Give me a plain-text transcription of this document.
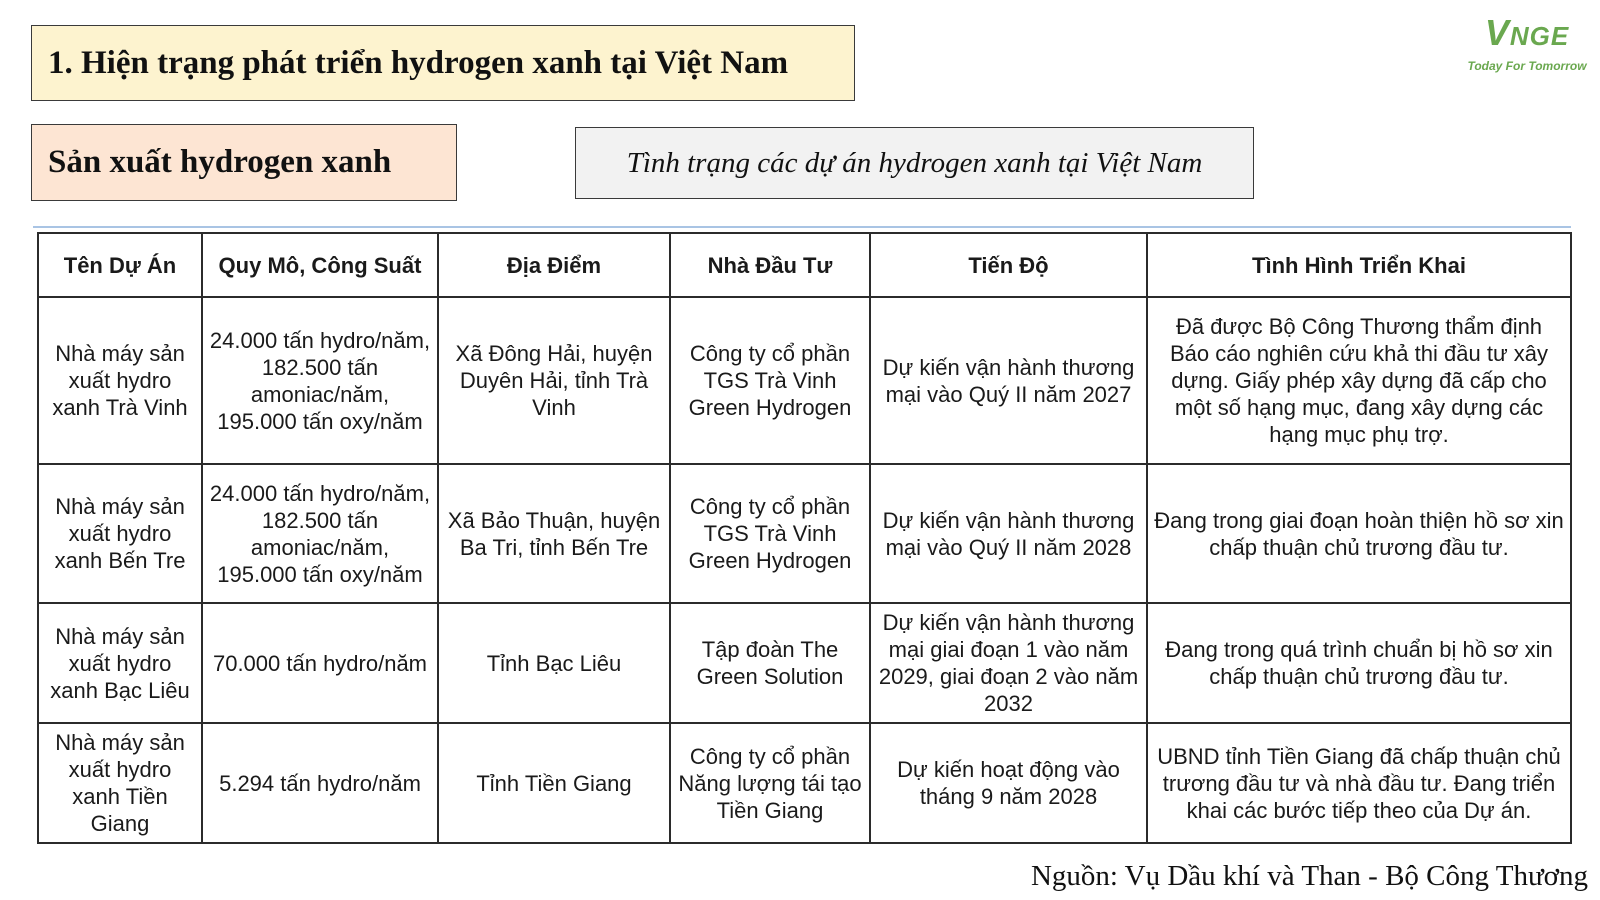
1. Hiện trạng phát triển hydrogen xanh tại Việt Nam
Sản xuất hydrogen xanh	Tình trạng các dự án hydrogen xanh tại Việt Nam
VNGE
Today For Tomorrow
Tên Dự Án	Quy Mô, Công Suất	Địa Điểm	Nhà Đầu Tư	Tiến Độ	Tình Hình Triển Khai
Nhà máy sản xuất hydro xanh Trà Vinh	24.000 tấn hydro/năm, 182.500 tấn amoniac/năm, 195.000 tấn oxy/năm	Xã Đông Hải, huyện Duyên Hải, tỉnh Trà Vinh	Công ty cổ phần TGS Trà Vinh Green Hydrogen	Dự kiến vận hành thương mại vào Quý II năm 2027	Đã được Bộ Công Thương thẩm định Báo cáo nghiên cứu khả thi đầu tư xây dựng. Giấy phép xây dựng đã cấp cho một số hạng mục, đang xây dựng các hạng mục phụ trợ.
Nhà máy sản xuất hydro xanh Bến Tre	24.000 tấn hydro/năm, 182.500 tấn amoniac/năm, 195.000 tấn oxy/năm	Xã Bảo Thuận, huyện Ba Tri, tỉnh Bến Tre	Công ty cổ phần TGS Trà Vinh Green Hydrogen	Dự kiến vận hành thương mại vào Quý II năm 2028	Đang trong giai đoạn hoàn thiện hồ sơ xin chấp thuận chủ trương đầu tư.
Nhà máy sản xuất hydro xanh Bạc Liêu	70.000 tấn hydro/năm	Tỉnh Bạc Liêu	Tập đoàn The Green Solution	Dự kiến vận hành thương mại giai đoạn 1 vào năm 2029, giai đoạn 2 vào năm 2032	Đang trong quá trình chuẩn bị hồ sơ xin chấp thuận chủ trương đầu tư.
Nhà máy sản xuất hydro xanh Tiền Giang	5.294 tấn hydro/năm	Tỉnh Tiền Giang	Công ty cổ phần Năng lượng tái tạo Tiền Giang	Dự kiến hoạt động vào tháng 9 năm 2028	UBND tỉnh Tiền Giang đã chấp thuận chủ trương đầu tư và nhà đầu tư. Đang triển khai các bước tiếp theo của Dự án.
Nguồn: Vụ Dầu khí và Than - Bộ Công Thương
